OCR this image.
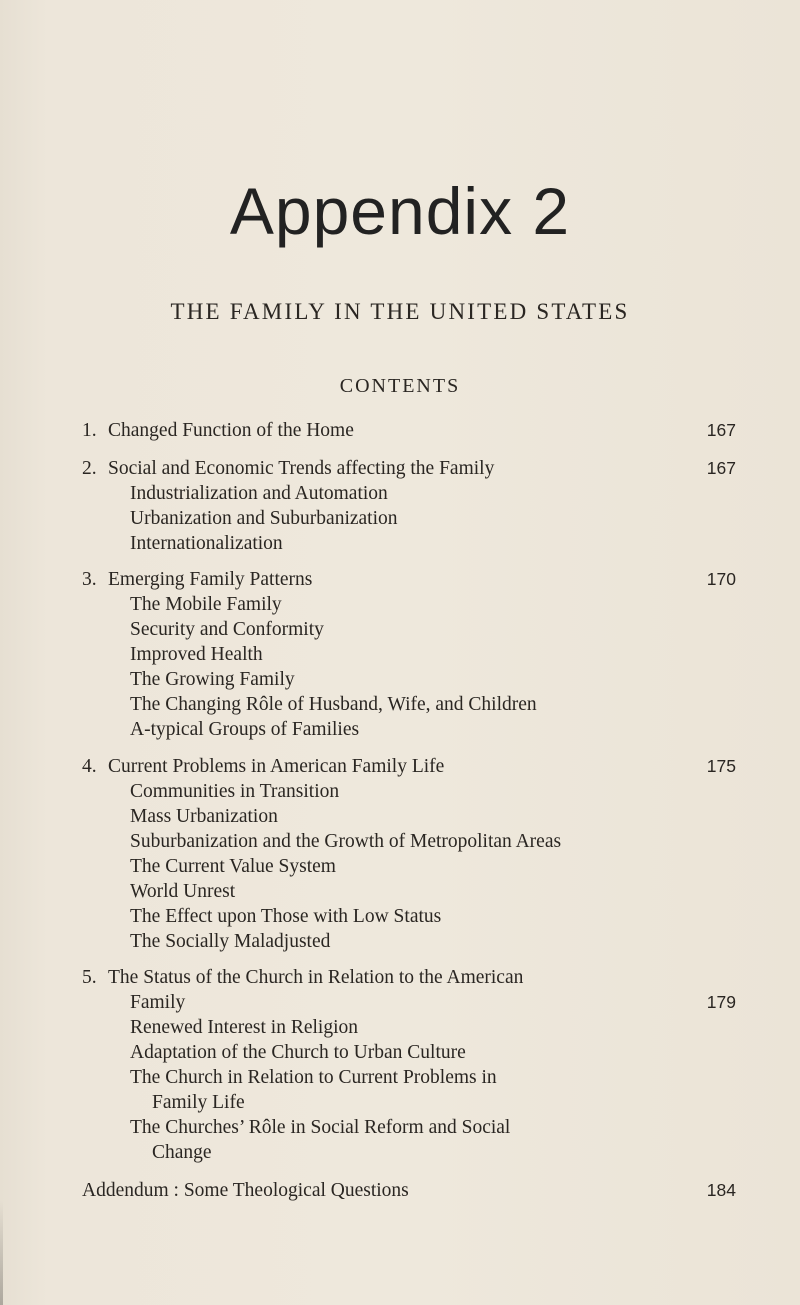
Appendix 2
THE FAMILY IN THE UNITED STATES
CONTENTS
1. Changed Function of the Home	167
2. Social and Economic Trends affecting the Family	167
Industrialization and Automation
Urbanization and Suburbanization
Internationalization
3. Emerging Family Patterns	170
The Mobile Family
Security and Conformity
Improved Health
The Growing Family
The Changing Rôle of Husband, Wife, and Children
A-typical Groups of Families
4. Current Problems in American Family Life	175
Communities in Transition
Mass Urbanization
Suburbanization and the Growth of Metropolitan Areas
The Current Value System
World Unrest
The Effect upon Those with Low Status
The Socially Maladjusted
5. The Status of the Church in Relation to the American
Family	179
Renewed Interest in Religion
Adaptation of the Church to Urban Culture
The Church in Relation to Current Problems in
Family Life
The Churches’ Rôle in Social Reform and Social
Change
Addendum : Some Theological Questions	184
